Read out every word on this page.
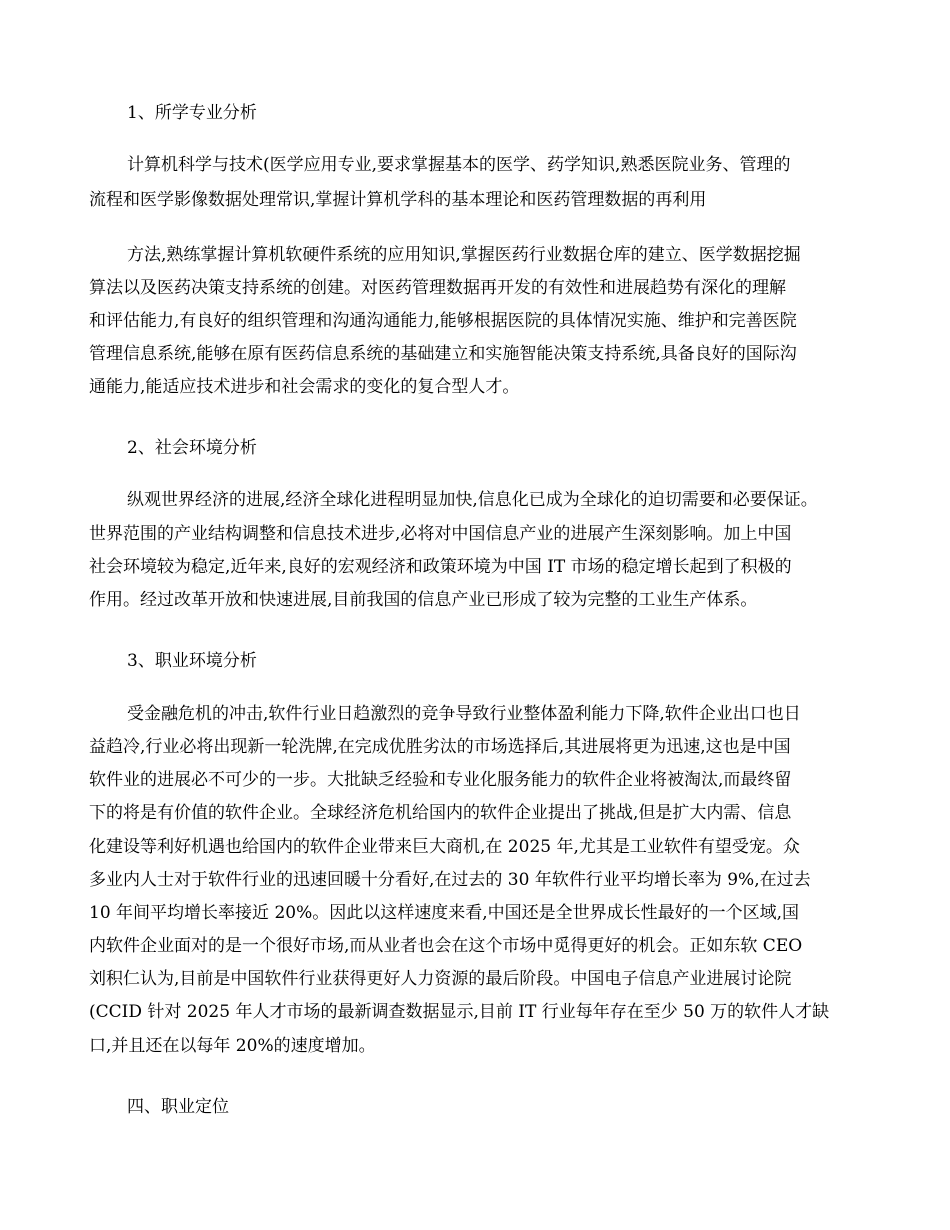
1、所学专业分析
计算机科学与技术(医学应用专业,要求掌握基本的医学、药学知识,熟悉医院业务、管理的
流程和医学影像数据处理常识,掌握计算机学科的基本理论和医药管理数据的再利用
方法,熟练掌握计算机软硬件系统的应用知识,掌握医药行业数据仓库的建立、医学数据挖掘
算法以及医药决策支持系统的创建。对医药管理数据再开发的有效性和进展趋势有深化的理解
和评估能力,有良好的组织管理和沟通沟通能力,能够根据医院的具体情况实施、维护和完善医院
管理信息系统,能够在原有医药信息系统的基础建立和实施智能决策支持系统,具备良好的国际沟
通能力,能适应技术进步和社会需求的变化的复合型人才。
2、社会环境分析
纵观世界经济的进展,经济全球化进程明显加快,信息化已成为全球化的迫切需要和必要保证。
世界范围的产业结构调整和信息技术进步,必将对中国信息产业的进展产生深刻影响。加上中国
社会环境较为稳定,近年来,良好的宏观经济和政策环境为中国 IT 市场的稳定增长起到了积极的
作用。经过改革开放和快速进展,目前我国的信息产业已形成了较为完整的工业生产体系。
3、职业环境分析
受金融危机的冲击,软件行业日趋激烈的竞争导致行业整体盈利能力下降,软件企业出口也日
益趋冷,行业必将出现新一轮洗牌,在完成优胜劣汰的市场选择后,其进展将更为迅速,这也是中国
软件业的进展必不可少的一步。大批缺乏经验和专业化服务能力的软件企业将被淘汰,而最终留
下的将是有价值的软件企业。全球经济危机给国内的软件企业提出了挑战,但是扩大内需、信息
化建设等利好机遇也给国内的软件企业带来巨大商机,在 2025 年,尤其是工业软件有望受宠。众
多业内人士对于软件行业的迅速回暖十分看好,在过去的 30 年软件行业平均增长率为 9%,在过去
10 年间平均增长率接近 20%。因此以这样速度来看,中国还是全世界成长性最好的一个区域,国
内软件企业面对的是一个很好市场,而从业者也会在这个市场中觅得更好的机会。正如东软 CEO
刘积仁认为,目前是中国软件行业获得更好人力资源的最后阶段。中国电子信息产业进展讨论院
(CCID 针对 2025 年人才市场的最新调查数据显示,目前 IT 行业每年存在至少 50 万的软件人才缺
口,并且还在以每年 20%的速度增加。
四、职业定位
